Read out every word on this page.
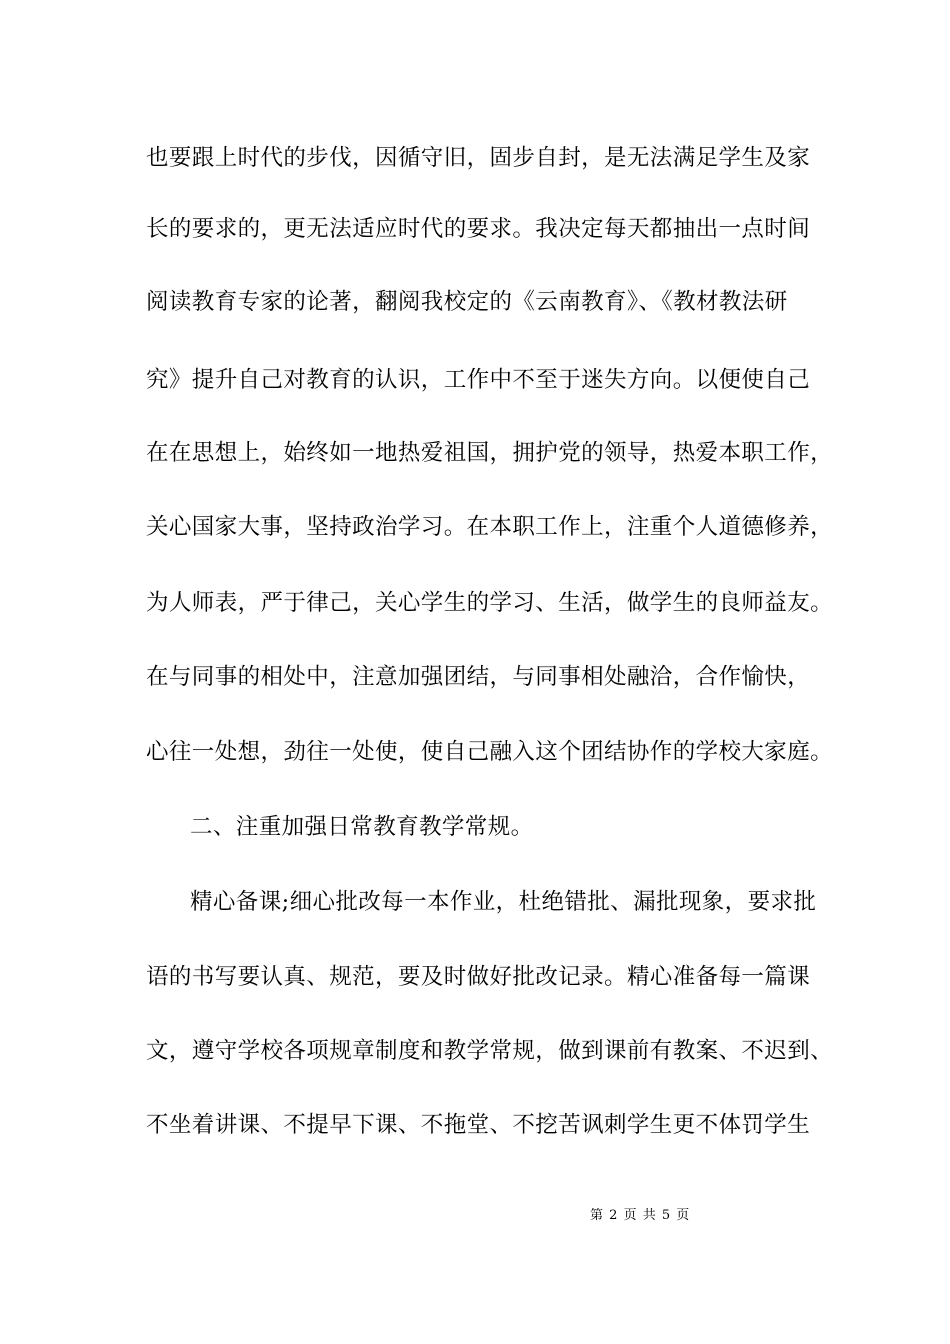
也要跟上时代的步伐，因循守旧，固步自封，是无法满足学生及家
长的要求的，更无法适应时代的要求。我决定每天都抽出一点时间
阅读教育专家的论著，翻阅我校定的《云南教育》、《教材教法研
究》提升自己对教育的认识，工作中不至于迷失方向。以便使自己
在在思想上，始终如一地热爱祖国，拥护党的领导，热爱本职工作，
关心国家大事，坚持政治学习。在本职工作上，注重个人道德修养，
为人师表，严于律己，关心学生的学习、生活，做学生的良师益友。
在与同事的相处中，注意加强团结，与同事相处融洽，合作愉快，
心往一处想，劲往一处使，使自己融入这个团结协作的学校大家庭。
二、注重加强日常教育教学常规。
精心备课;细心批改每一本作业，杜绝错批、漏批现象，要求批
语的书写要认真、规范，要及时做好批改记录。精心准备每一篇课
文，遵守学校各项规章制度和教学常规，做到课前有教案、不迟到、
不坐着讲课、不提早下课、不拖堂、不挖苦讽刺学生更不体罚学生
第 2 页 共 5 页
